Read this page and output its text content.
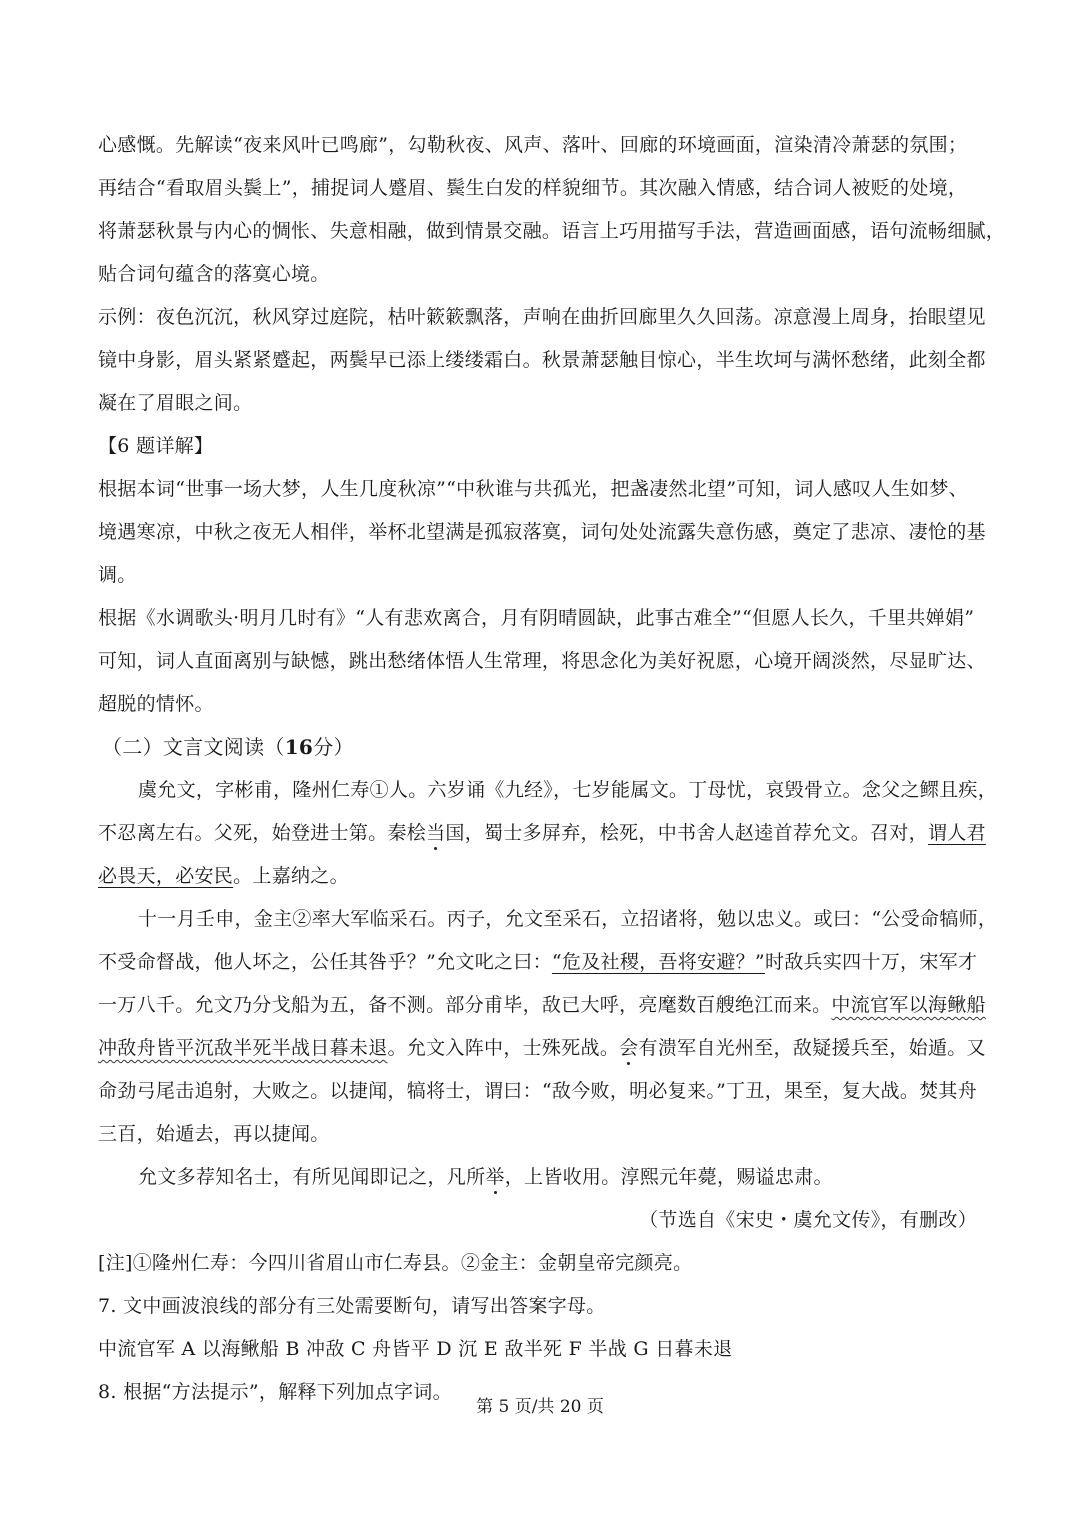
心感慨。先解读“夜来风叶已鸣廊”，勾勒秋夜、风声、落叶、回廊的环境画面，渲染清冷萧瑟的氛围；
再结合“看取眉头鬓上”，捕捉词人蹙眉、鬓生白发的样貌细节。其次融入情感，结合词人被贬的处境，
将萧瑟秋景与内心的惆怅、失意相融，做到情景交融。语言上巧用描写手法，营造画面感，语句流畅细腻，
贴合词句蕴含的落寞心境。
示例：夜色沉沉，秋风穿过庭院，枯叶簌簌飘落，声响在曲折回廊里久久回荡。凉意漫上周身，抬眼望见
镜中身影，眉头紧紧蹙起，两鬓早已添上缕缕霜白。秋景萧瑟触目惊心，半生坎坷与满怀愁绪，此刻全都
凝在了眉眼之间。
【6 题详解】
根据本词“世事一场大梦，人生几度秋凉”“中秋谁与共孤光，把盏凄然北望”可知，词人感叹人生如梦、
境遇寒凉，中秋之夜无人相伴，举杯北望满是孤寂落寞，词句处处流露失意伤感，奠定了悲凉、凄怆的基
调。
根据《水调歌头·明月几时有》“人有悲欢离合，月有阴晴圆缺，此事古难全”“但愿人长久，千里共婵娟”
可知，词人直面离别与缺憾，跳出愁绪体悟人生常理，将思念化为美好祝愿，心境开阔淡然，尽显旷达、
超脱的情怀。
（二）文言文阅读（16分）
虞允文，字彬甫，隆州仁寿①人。六岁诵《九经》，七岁能属文。丁母忧，哀毁骨立。念父之鳏且疾，
不忍离左右。父死，始登进士第。秦桧当国，蜀士多屏弃，桧死，中书舍人赵逵首荐允文。召对，谓人君
必畏天，必安民。上嘉纳之。
十一月壬申，金主②率大军临采石。丙子，允文至采石，立招诸将，勉以忠义。或曰：“公受命犒师，
不受命督战，他人坏之，公任其咎乎？”允文叱之曰：“危及社稷，吾将安避？”时敌兵实四十万，宋军才
一万八千。允文乃分戈船为五，备不测。部分甫毕，敌已大呼，亮麾数百艘绝江而来。中流官军以海鳅船
冲敌舟皆平沉敌半死半战日暮未退。允文入阵中，士殊死战。会有溃军自光州至，敌疑援兵至，始遁。又
命劲弓尾击追射，大败之。以捷闻，犒将士，谓曰：“敌今败，明必复来。”丁丑，果至，复大战。焚其舟
三百，始遁去，再以捷闻。
允文多荐知名士，有所见闻即记之，凡所举，上皆收用。淳熙元年薨，赐谥忠肃。
（节选自《宋史・虞允文传》，有删改）
[注]①隆州仁寿：今四川省眉山市仁寿县。②金主：金朝皇帝完颜亮。
7. 文中画波浪线的部分有三处需要断句，请写出答案字母。
中流官军 A 以海鳅船 B 冲敌 C 舟皆平 D 沉 E 敌半死 F 半战 G 日暮未退
8. 根据“方法提示”，解释下列加点字词。
第 5 页/共 20 页
